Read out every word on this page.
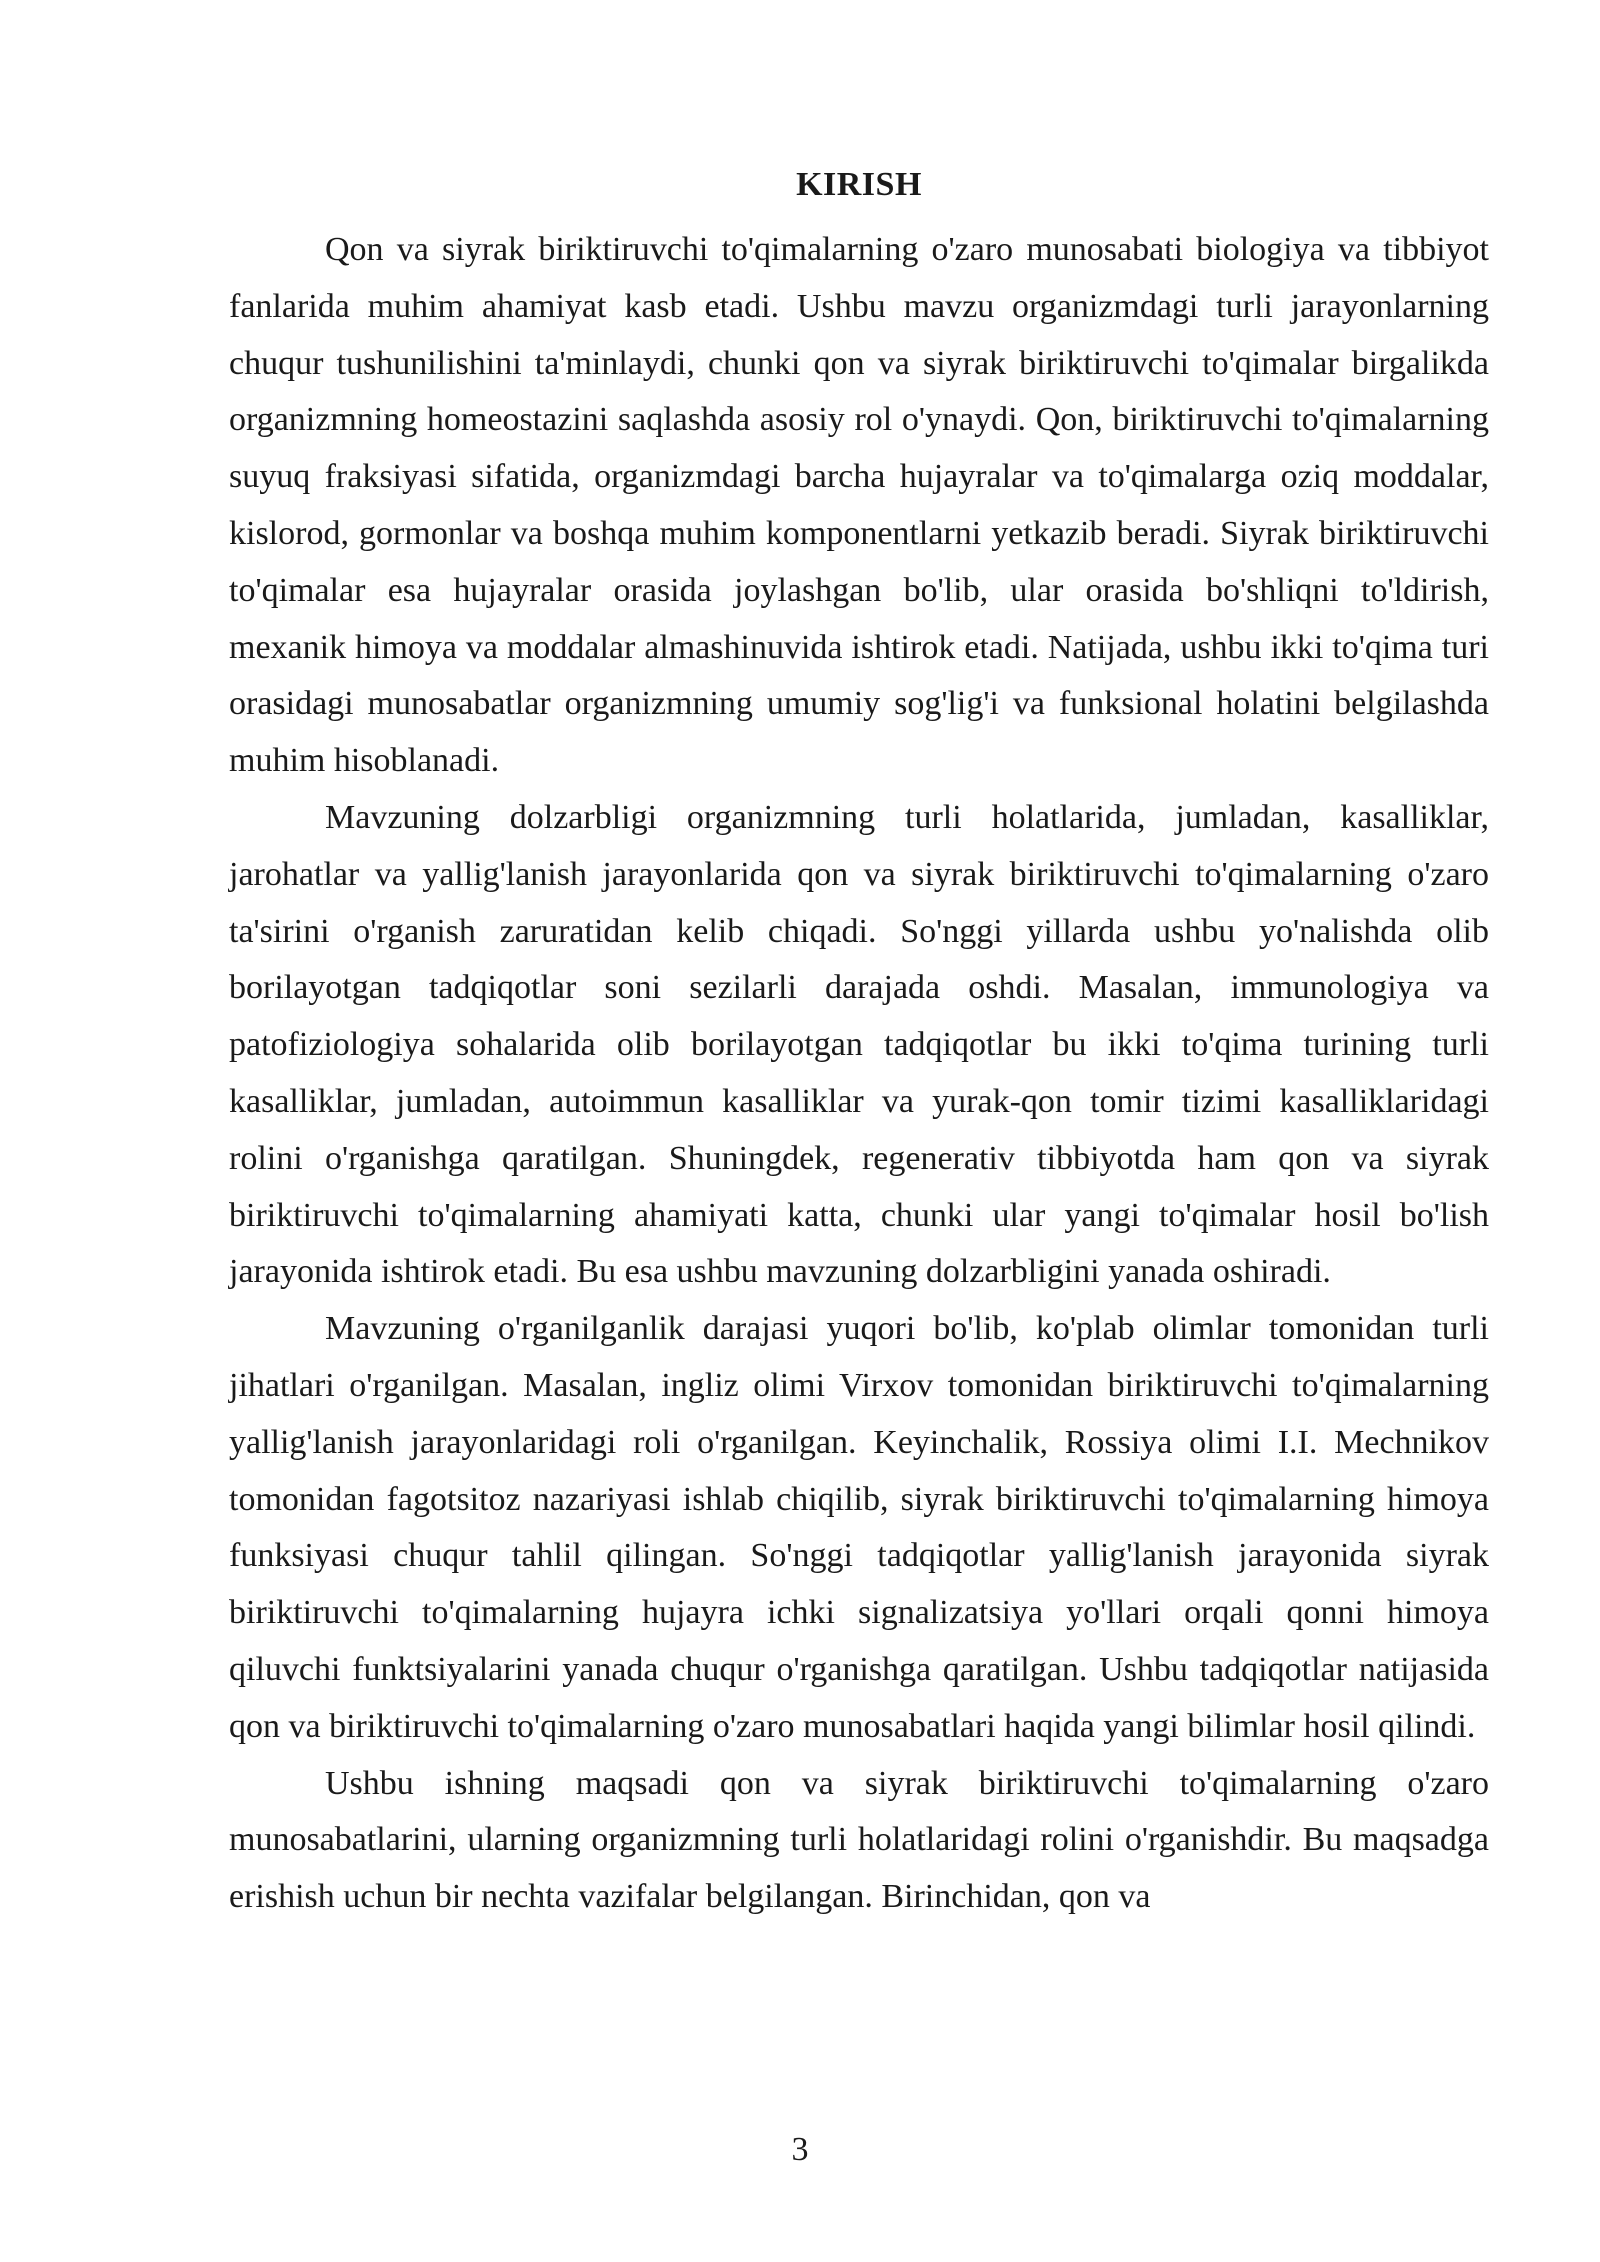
KIRISH

Qon va siyrak biriktiruvchi to'qimalarning o'zaro munosabati biologiya va tibbiyot fanlarida muhim ahamiyat kasb etadi. Ushbu mavzu organizmdagi turli jarayonlarning chuqur tushunilishini ta'minlaydi, chunki qon va siyrak biriktiruvchi to'qimalar birgalikda organizmning homeostazini saqlashda asosiy rol o'ynaydi. Qon, biriktiruvchi to'qimalarning suyuq fraksiyasi sifatida, organizmdagi barcha hujayralar va to'qimalarga oziq moddalar, kislorod, gormonlar va boshqa muhim komponentlarni yetkazib beradi. Siyrak biriktiruvchi to'qimalar esa hujayralar orasida joylashgan bo'lib, ular orasida bo'shliqni to'ldirish, mexanik himoya va moddalar almashinuvida ishtirok etadi. Natijada, ushbu ikki to'qima turi orasidagi munosabatlar organizmning umumiy sog'lig'i va funksional holatini belgilashda muhim hisoblanadi.

Mavzuning dolzarbligi organizmning turli holatlarida, jumladan, kasalliklar, jarohatlar va yallig'lanish jarayonlarida qon va siyrak biriktiruvchi to'qimalarning o'zaro ta'sirini o'rganish zaruratidan kelib chiqadi. So'nggi yillarda ushbu yo'nalishda olib borilayotgan tadqiqotlar soni sezilarli darajada oshdi. Masalan, immunologiya va patofiziologiya sohalarida olib borilayotgan tadqiqotlar bu ikki to'qima turining turli kasalliklar, jumladan, autoimmun kasalliklar va yurak-qon tomir tizimi kasalliklaridagi rolini o'rganishga qaratilgan. Shuningdek, regenerativ tibbiyotda ham qon va siyrak biriktiruvchi to'qimalarning ahamiyati katta, chunki ular yangi to'qimalar hosil bo'lish jarayonida ishtirok etadi. Bu esa ushbu mavzuning dolzarbligini yanada oshiradi.

Mavzuning o'rganilganlik darajasi yuqori bo'lib, ko'plab olimlar tomonidan turli jihatlari o'rganilgan. Masalan, ingliz olimi Virxov tomonidan biriktiruvchi to'qimalarning yallig'lanish jarayonlaridagi roli o'rganilgan. Keyinchalik, Rossiya olimi I.I. Mechnikov tomonidan fagotsitoz nazariyasi ishlab chiqilib, siyrak biriktiruvchi to'qimalarning himoya funksiyasi chuqur tahlil qilingan. So'nggi tadqiqotlar yallig'lanish jarayonida siyrak biriktiruvchi to'qimalarning hujayra ichki signalizatsiya yo'llari orqali qonni himoya qiluvchi funktsiyalarini yanada chuqur o'rganishga qaratilgan. Ushbu tadqiqotlar natijasida qon va biriktiruvchi to'qimalarning o'zaro munosabatlari haqida yangi bilimlar hosil qilindi.

Ushbu ishning maqsadi qon va siyrak biriktiruvchi to'qimalarning o'zaro munosabatlarini, ularning organizmning turli holatlaridagi rolini o'rganishdir. Bu maqsadga erishish uchun bir nechta vazifalar belgilangan. Birinchidan, qon va

3
